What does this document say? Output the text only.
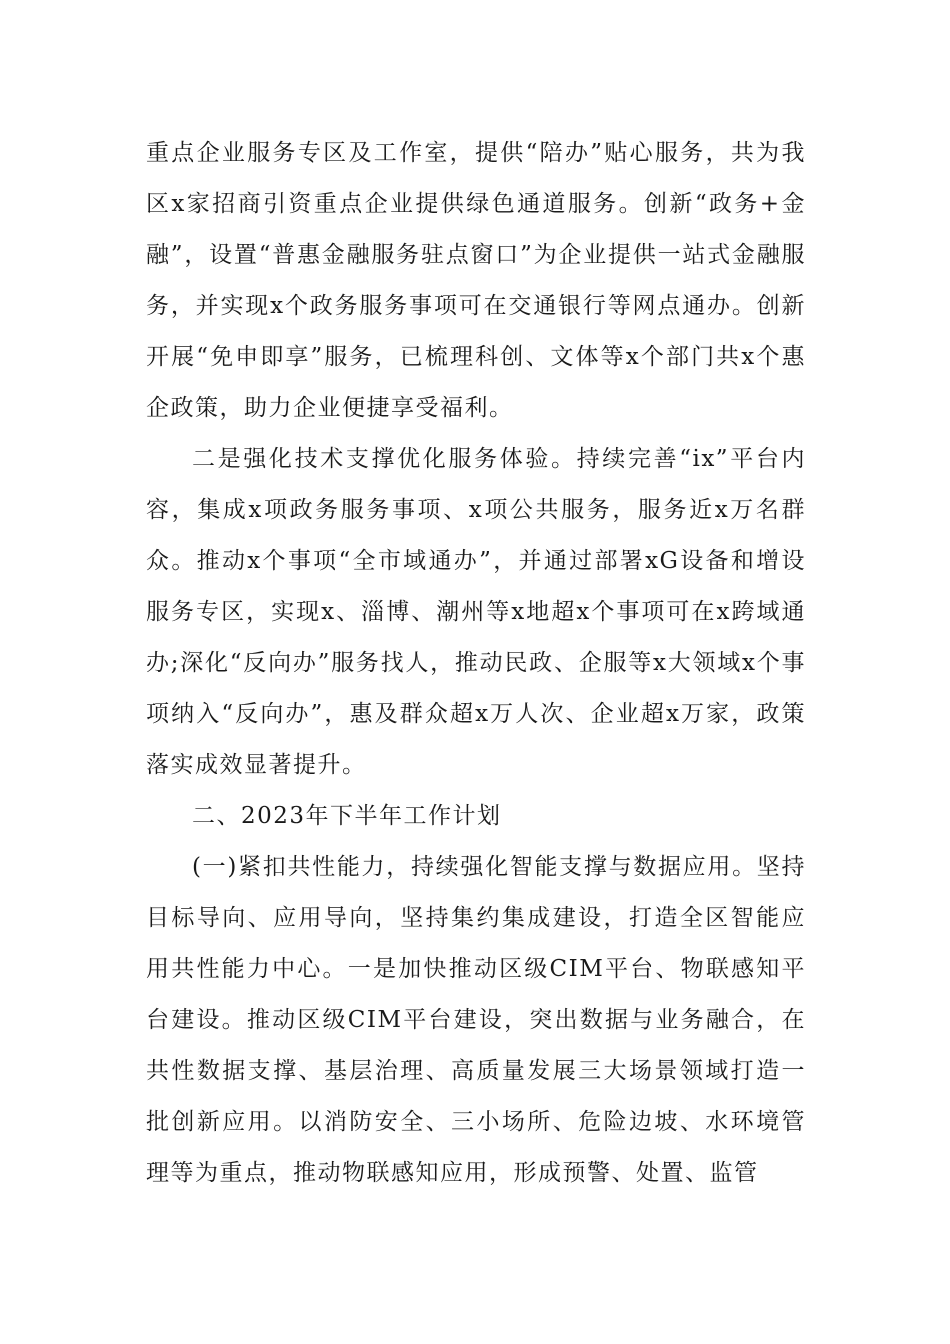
重点企业服务专区及工作室，提供“陪办”贴心服务，共为我区x家招商引资重点企业提供绿色通道服务。创新“政务+金融”，设置“普惠金融服务驻点窗口”为企业提供一站式金融服务，并实现x个政务服务事项可在交通银行等网点通办。创新开展“免申即享”服务，已梳理科创、文体等x个部门共x个惠企政策，助力企业便捷享受福利。

二是强化技术支撑优化服务体验。持续完善“ix”平台内容，集成x项政务服务事项、x项公共服务，服务近x万名群众。推动x个事项“全市域通办”，并通过部署xG设备和增设服务专区，实现x、淄博、潮州等x地超x个事项可在x跨域通办;深化“反向办”服务找人，推动民政、企服等x大领域x个事项纳入“反向办”，惠及群众超x万人次、企业超x万家，政策落实成效显著提升。

二、2023年下半年工作计划

(一)紧扣共性能力，持续强化智能支撑与数据应用。坚持目标导向、应用导向，坚持集约集成建设，打造全区智能应用共性能力中心。一是加快推动区级CIM平台、物联感知平台建设。推动区级CIM平台建设，突出数据与业务融合，在共性数据支撑、基层治理、高质量发展三大场景领域打造一批创新应用。以消防安全、三小场所、危险边坡、水环境管理等为重点，推动物联感知应用，形成预警、处置、监管
